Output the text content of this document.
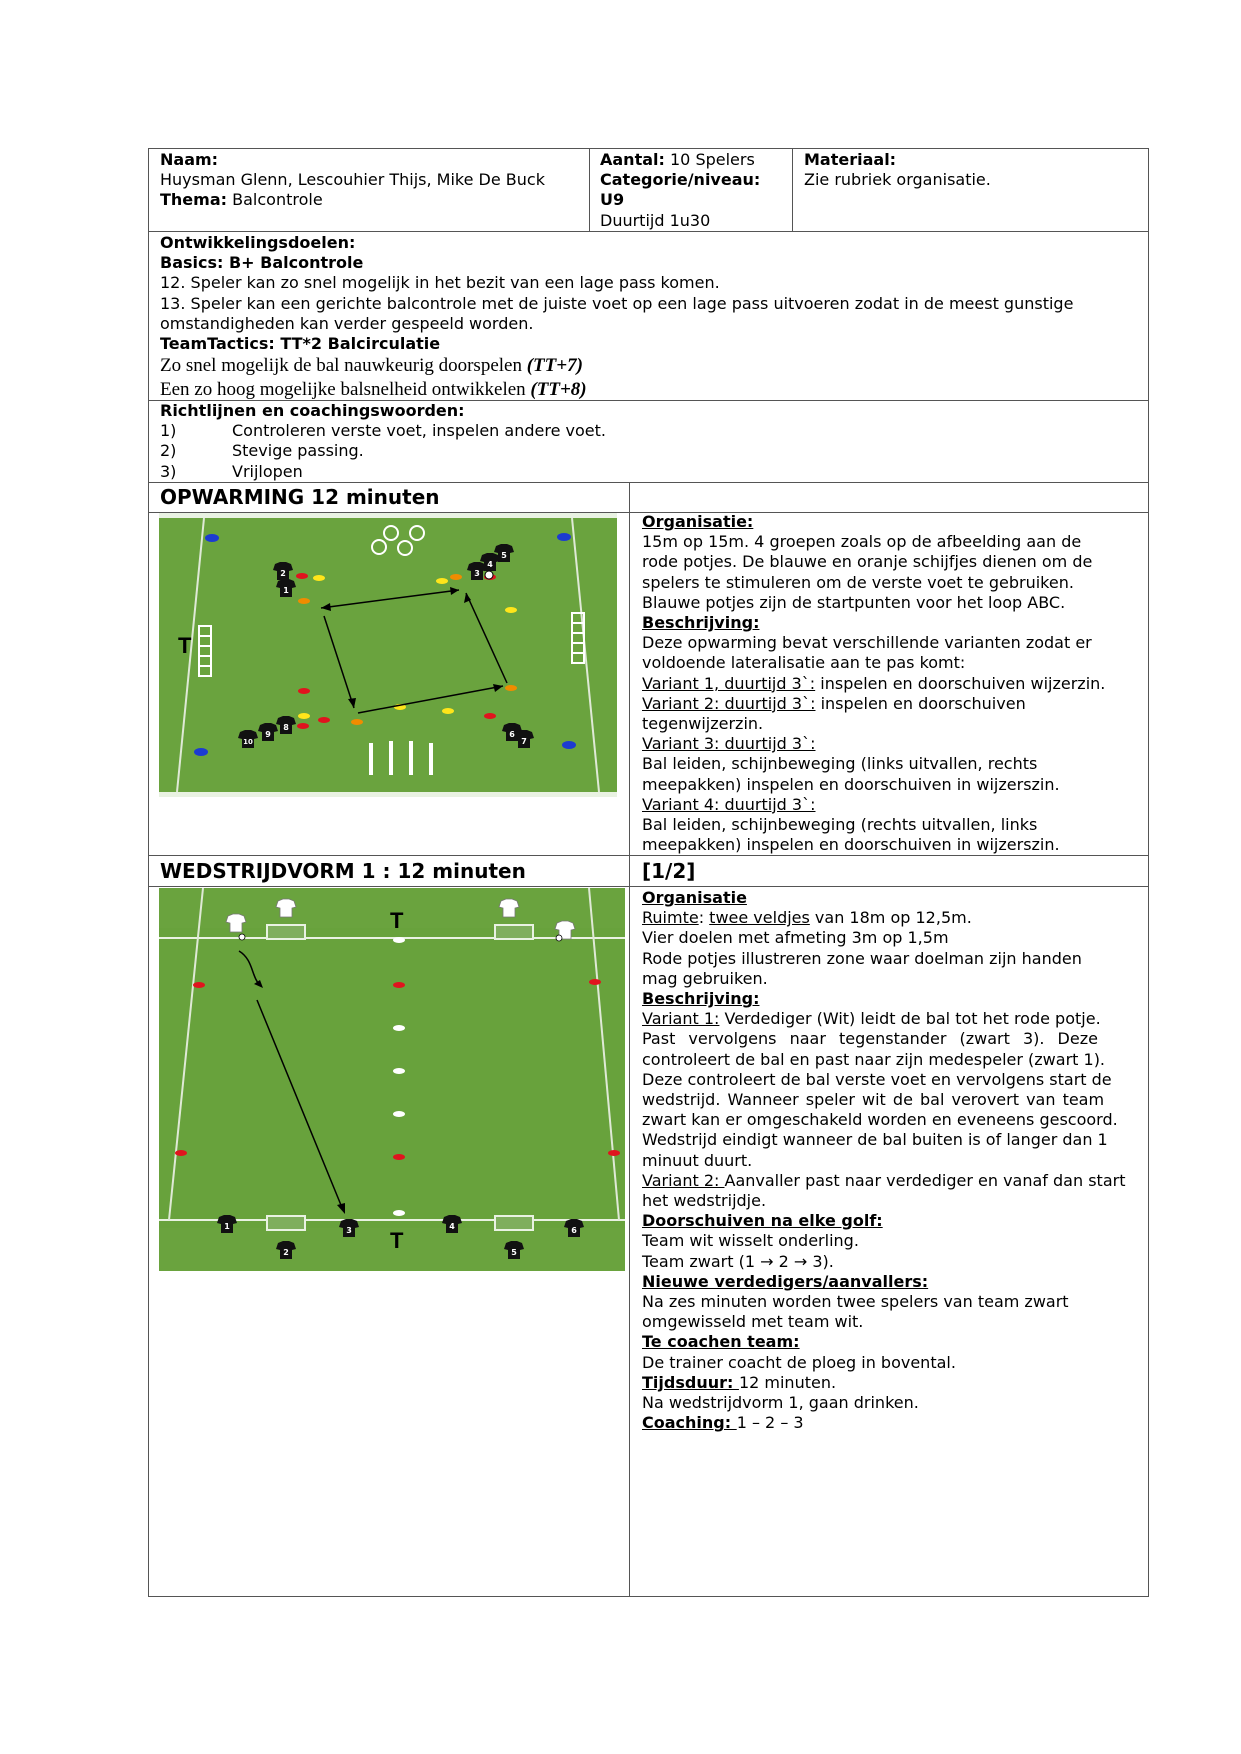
Naam:
Huysman Glenn, Lescouhier Thijs, Mike De Buck
Thema: Balcontrole
Aantal: 10 Spelers
Categorie/niveau:
U9
Duurtijd 1u30
Materiaal:
Zie rubriek organisatie.
Ontwikkelingsdoelen:
Basics: B+ Balcontrole
12. Speler kan zo snel mogelijk in het bezit van een lage pass komen.
13. Speler kan een gerichte balcontrole met de juiste voet op een lage pass uitvoeren zodat in de meest gunstige
omstandigheden kan verder gespeeld worden.
TeamTactics: TT*2 Balcirculatie
Zo snel mogelijk de bal nauwkeurig doorspelen (TT+7)
Een zo hoog mogelijke balsnelheid ontwikkelen (TT+8)
Richtlijnen en coachingswoorden:
1)	Controleren verste voet, inspelen andere voet.
2)	Stevige passing.
3)	Vrijlopen
OPWARMING 12 minuten
T
1
2	3
4
5
6
7
8
9
10
Organisatie:
15m op 15m. 4 groepen zoals op de afbeelding aan de
rode potjes. De blauwe en oranje schijfjes dienen om de
spelers te stimuleren om de verste voet te gebruiken.
Blauwe potjes zijn de startpunten voor het loop ABC.
Beschrijving:
Deze opwarming bevat verschillende varianten zodat er
voldoende lateralisatie aan te pas komt:
Variant 1, duurtijd 3`: inspelen en doorschuiven wijzerzin.
Variant 2: duurtijd 3`: inspelen en doorschuiven
tegenwijzerzin.
Variant 3: duurtijd 3`:
Bal leiden, schijnbeweging (links uitvallen, rechts
meepakken) inspelen en doorschuiven in wijzerszin.
Variant 4: duurtijd 3`:
Bal leiden, schijnbeweging (rechts uitvallen, links
meepakken) inspelen en doorschuiven in wijzerszin.
WEDSTRIJDVORM 1 : 12 minuten	[1/2]
T
T
1
2
3	4
5
6
Organisatie
Ruimte: twee veldjes van 18m op 12,5m.
Vier doelen met afmeting 3m op 1,5m
Rode potjes illustreren zone waar doelman zijn handen
mag gebruiken.
Beschrijving:
Variant 1: Verdediger (Wit) leidt de bal tot het rode potje.
Past vervolgens naar tegenstander (zwart 3). Deze
controleert de bal en past naar zijn medespeler (zwart 1).
Deze controleert de bal verste voet en vervolgens start de
wedstrijd. Wanneer speler wit de bal verovert van team
zwart kan er omgeschakeld worden en eveneens gescoord.
Wedstrijd eindigt wanneer de bal buiten is of langer dan 1
minuut duurt.
Variant 2: Aanvaller past naar verdediger en vanaf dan start
het wedstrijdje.
Doorschuiven na elke golf:
Team wit wisselt onderling.
Team zwart (1 → 2 → 3).
Nieuwe verdedigers/aanvallers:
Na zes minuten worden twee spelers van team zwart
omgewisseld met team wit.
Te coachen team:
De trainer coacht de ploeg in bovental.
Tijdsduur: 12 minuten.
Na wedstrijdvorm 1, gaan drinken.
Coaching: 1 – 2 – 3
